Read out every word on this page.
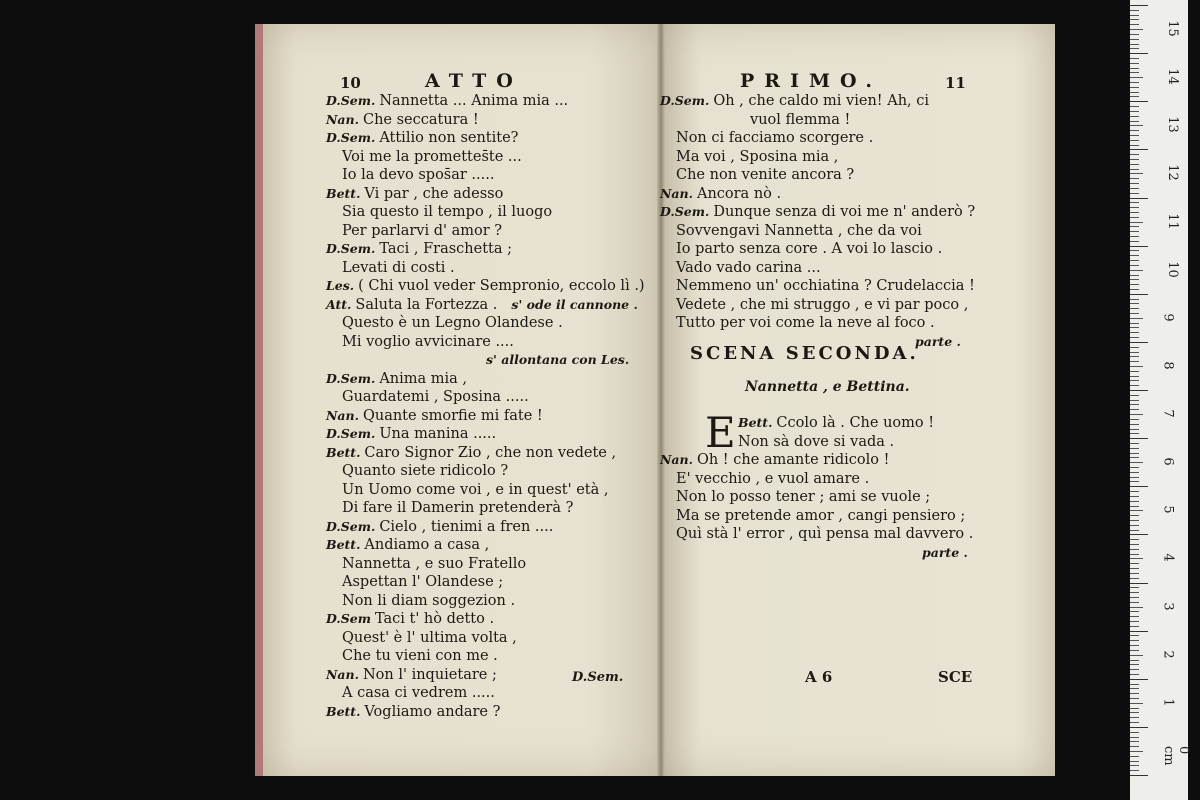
10	ATTO
D.Sem. Nannetta ... Anima mia ...
Nan. Che seccatura !
D.Sem. Attilio non sentite?
Voi me la promettes̄te ...
Io la devo spos̄ar .....
Bett. Vi par , che adesso
Sia questo il tempo , il luogo
Per parlarvi d' amor ?
D.Sem. Taci , Fraschetta ;
Levati di costi .
Les. ( Chi vuol veder Sempronio, eccolo lì .)
Att. Saluta la Fortezza . s' ode il cannone .
Questo è un Legno Olandese .
Mi voglio avvicinare ....
s' allontana con Les.
D.Sem. Anima mia ,
Guardatemi , Sposina .....
Nan. Quante smorfie mi fate !
D.Sem. Una manina .....
Bett. Caro Signor Zio , che non vedete ,
Quanto siete ridicolo ?
Un Uomo come voi , e in quest' età ,
Di fare il Damerin pretenderà ?
D.Sem. Cielo , tienimi a fren ....
Bett. Andiamo a casa ,
Nannetta , e suo Fratello
Aspettan l' Olandese ;
Non li diam soggezion .
D.Sem Taci t' hò detto .
Quest' è l' ultima volta ,
Che tu vieni con me .
Nan. Non l' inquietare ;
A casa ci vedrem .....
Bett. Vogliamo andare ?
D.Sem.
PRIMO.	11
D.Sem. Oh , che caldo mi vien! Ah, ci
vuol flemma !
Non ci facciamo scorgere .
Ma voi , Sposina mia ,
Che non venite ancora ?
Nan. Ancora nò .
D.Sem. Dunque senza di voi me n' anderò ?
Sovvengavi Nannetta , che da voi
Io parto senza core . A voi lo lascio .
Vado vado carina ...
Nemmeno un' occhiatina ? Crudelaccia !
Vedete , che mi struggo , e vi par poco ,
Tutto per voi come la neve al foco .
parte .
SCENA SECONDA.
Nannetta , e Bettina.
E Bett. Ccolo là . Che uomo !
Non sà dove si vada .
Nan. Oh ! che amante ridicolo !
E' vecchio , e vuol amare .
Non lo posso tener ; ami se vuole ;
Ma se pretende amor , cangi pensiero ;
Quì stà l' error , quì pensa mal davvero .
parte .
A 6	SCE
0 cm
1
2
3
4
5
6
7
8
9
10
11
12
13
14
15
